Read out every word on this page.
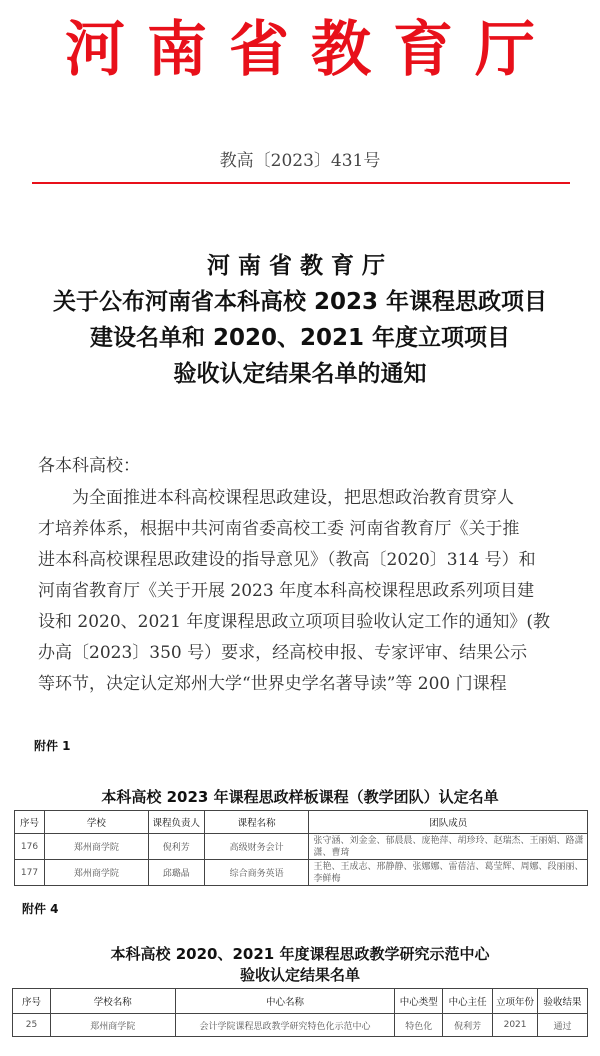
河南省教育厅
教高〔2023〕431号
河南省教育厅
关于公布河南省本科高校 2023 年课程思政项目
建设名单和 2020、2021 年度立项项目
验收认定结果名单的通知
各本科高校：
为全面推进本科高校课程思政建设，把思想政治教育贯穿人
才培养体系，根据中共河南省委高校工委 河南省教育厅《关于推
进本科高校课程思政建设的指导意见》（教高〔2020〕314 号）和
河南省教育厅《关于开展 2023 年度本科高校课程思政系列项目建
设和 2020、2021 年度课程思政立项项目验收认定工作的通知》(教
办高〔2023〕350 号）要求，经高校申报、专家评审、结果公示
等环节，决定认定郑州大学“世界史学名著导读”等 200 门课程
附件 1
本科高校 2023 年课程思政样板课程（教学团队）认定名单
序号	学校	课程负责人	课程名称	团队成员
176	郑州商学院	倪利芳	高级财务会计	张守涵、刘金金、郁晨晨、庞艳萍、胡珍玲、赵瑞杰、王丽娟、路潇潇、曹琦
177	郑州商学院	邱璐晶	综合商务英语	王艳、王成志、邢静静、张娜娜、雷蓓洁、葛莹辉、周娜、段丽丽、李鲜梅
附件 4
本科高校 2020、2021 年度课程思政教学研究示范中心
验收认定结果名单
序号	学校名称	中心名称	中心类型	中心主任	立项年份	验收结果
25	郑州商学院	会计学院课程思政教学研究特色化示范中心	特色化	倪利芳	2021	通过
